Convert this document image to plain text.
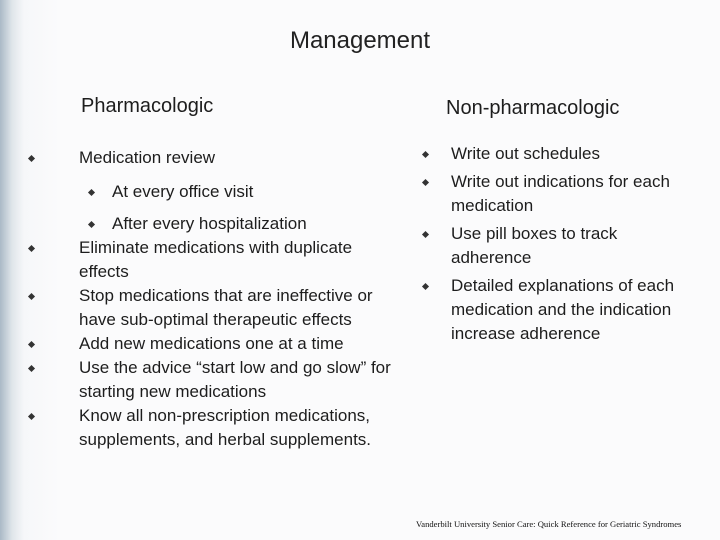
Management
Pharmacologic	Non-pharmacologic
Medication review
At every office visit
After every hospitalization
Eliminate medications with duplicate effects
Stop medications that are ineffective or have sub-optimal therapeutic effects
Add new medications one at a time
Use the advice “start low and go slow” for starting new medications
Know all non-prescription medications, supplements, and herbal supplements.
Write out schedules
Write out indications for each medication
Use pill boxes to track adherence
Detailed explanations of each medication and the indication increase adherence
Vanderbilt University Senior Care: Quick Reference for Geriatric Syndromes
